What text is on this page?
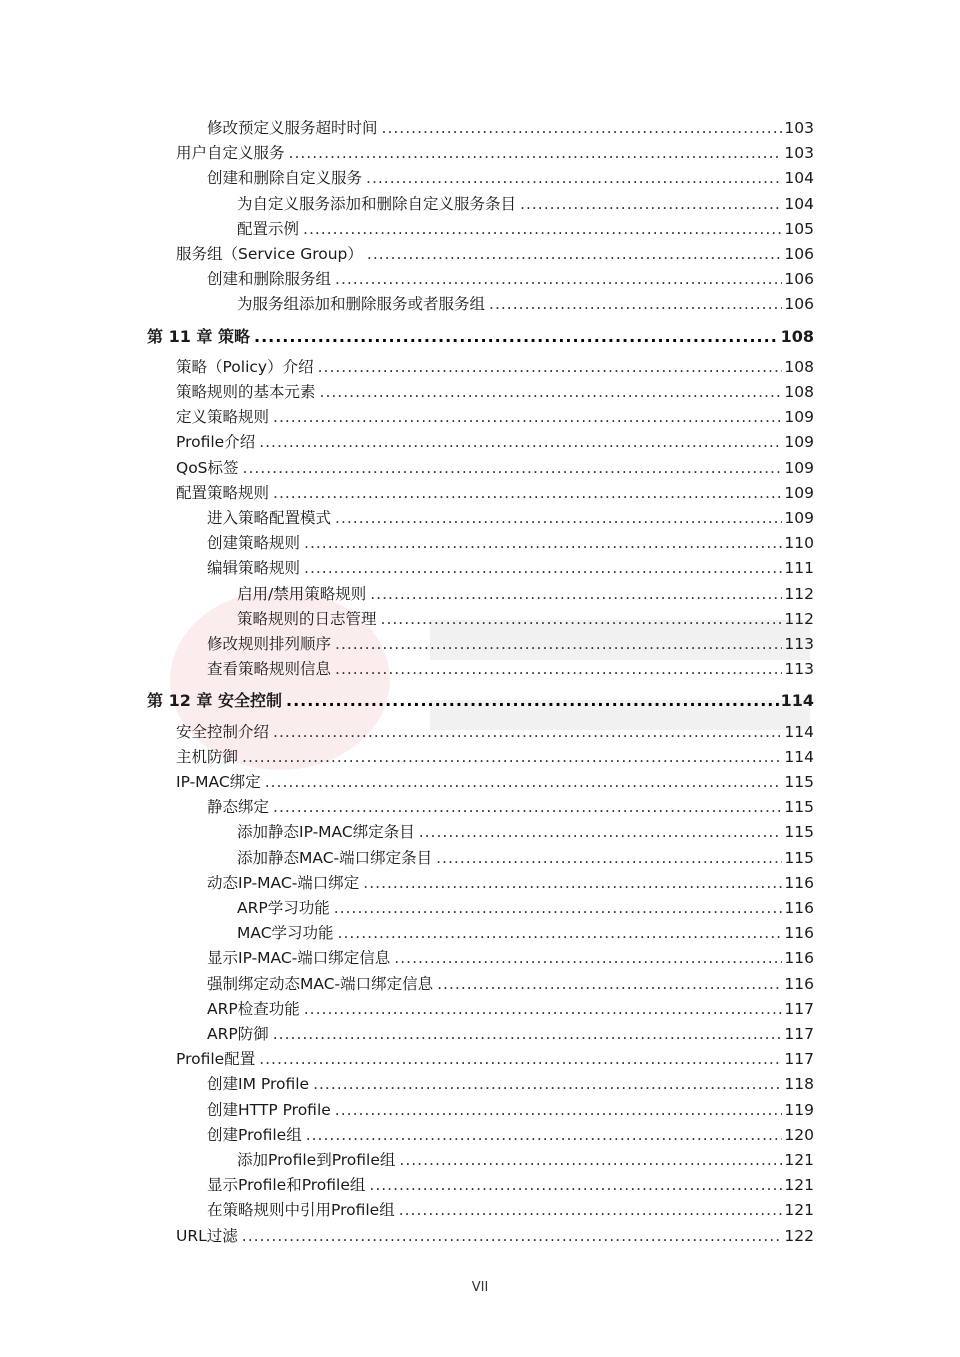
修改预定义服务超时时间 .....	103
用户自定义服务 .....	103
创建和删除自定义服务 .....	104
为自定义服务添加和删除自定义服务条目 .....	104
配置示例 .....	105
服务组（Service Group） .....	106
创建和删除服务组 .....	106
为服务组添加和删除服务或者服务组 .....	106
第 11 章 策略 .....	108
策略（Policy）介绍 .....	108
策略规则的基本元素 .....	108
定义策略规则 .....	109
Profile介绍 .....	109
QoS标签 .....	109
配置策略规则 .....	109
进入策略配置模式 .....	109
创建策略规则 .....	110
编辑策略规则 .....	111
启用/禁用策略规则 .....	112
策略规则的日志管理 .....	112
修改规则排列顺序 .....	113
查看策略规则信息 .....	113
第 12 章 安全控制 .....	114
安全控制介绍 .....	114
主机防御 .....	114
IP-MAC绑定 .....	115
静态绑定 .....	115
添加静态IP-MAC绑定条目 .....	115
添加静态MAC-端口绑定条目 .....	115
动态IP-MAC-端口绑定 .....	116
ARP学习功能 .....	116
MAC学习功能 .....	116
显示IP-MAC-端口绑定信息 .....	116
强制绑定动态MAC-端口绑定信息 .....	116
ARP检查功能 .....	117
ARP防御 .....	117
Profile配置 .....	117
创建IM Profile .....	118
创建HTTP Profile .....	119
创建Profile组 .....	120
添加Profile到Profile组 .....	121
显示Profile和Profile组 .....	121
在策略规则中引用Profile组 .....	121
URL过滤 .....	122
VII
